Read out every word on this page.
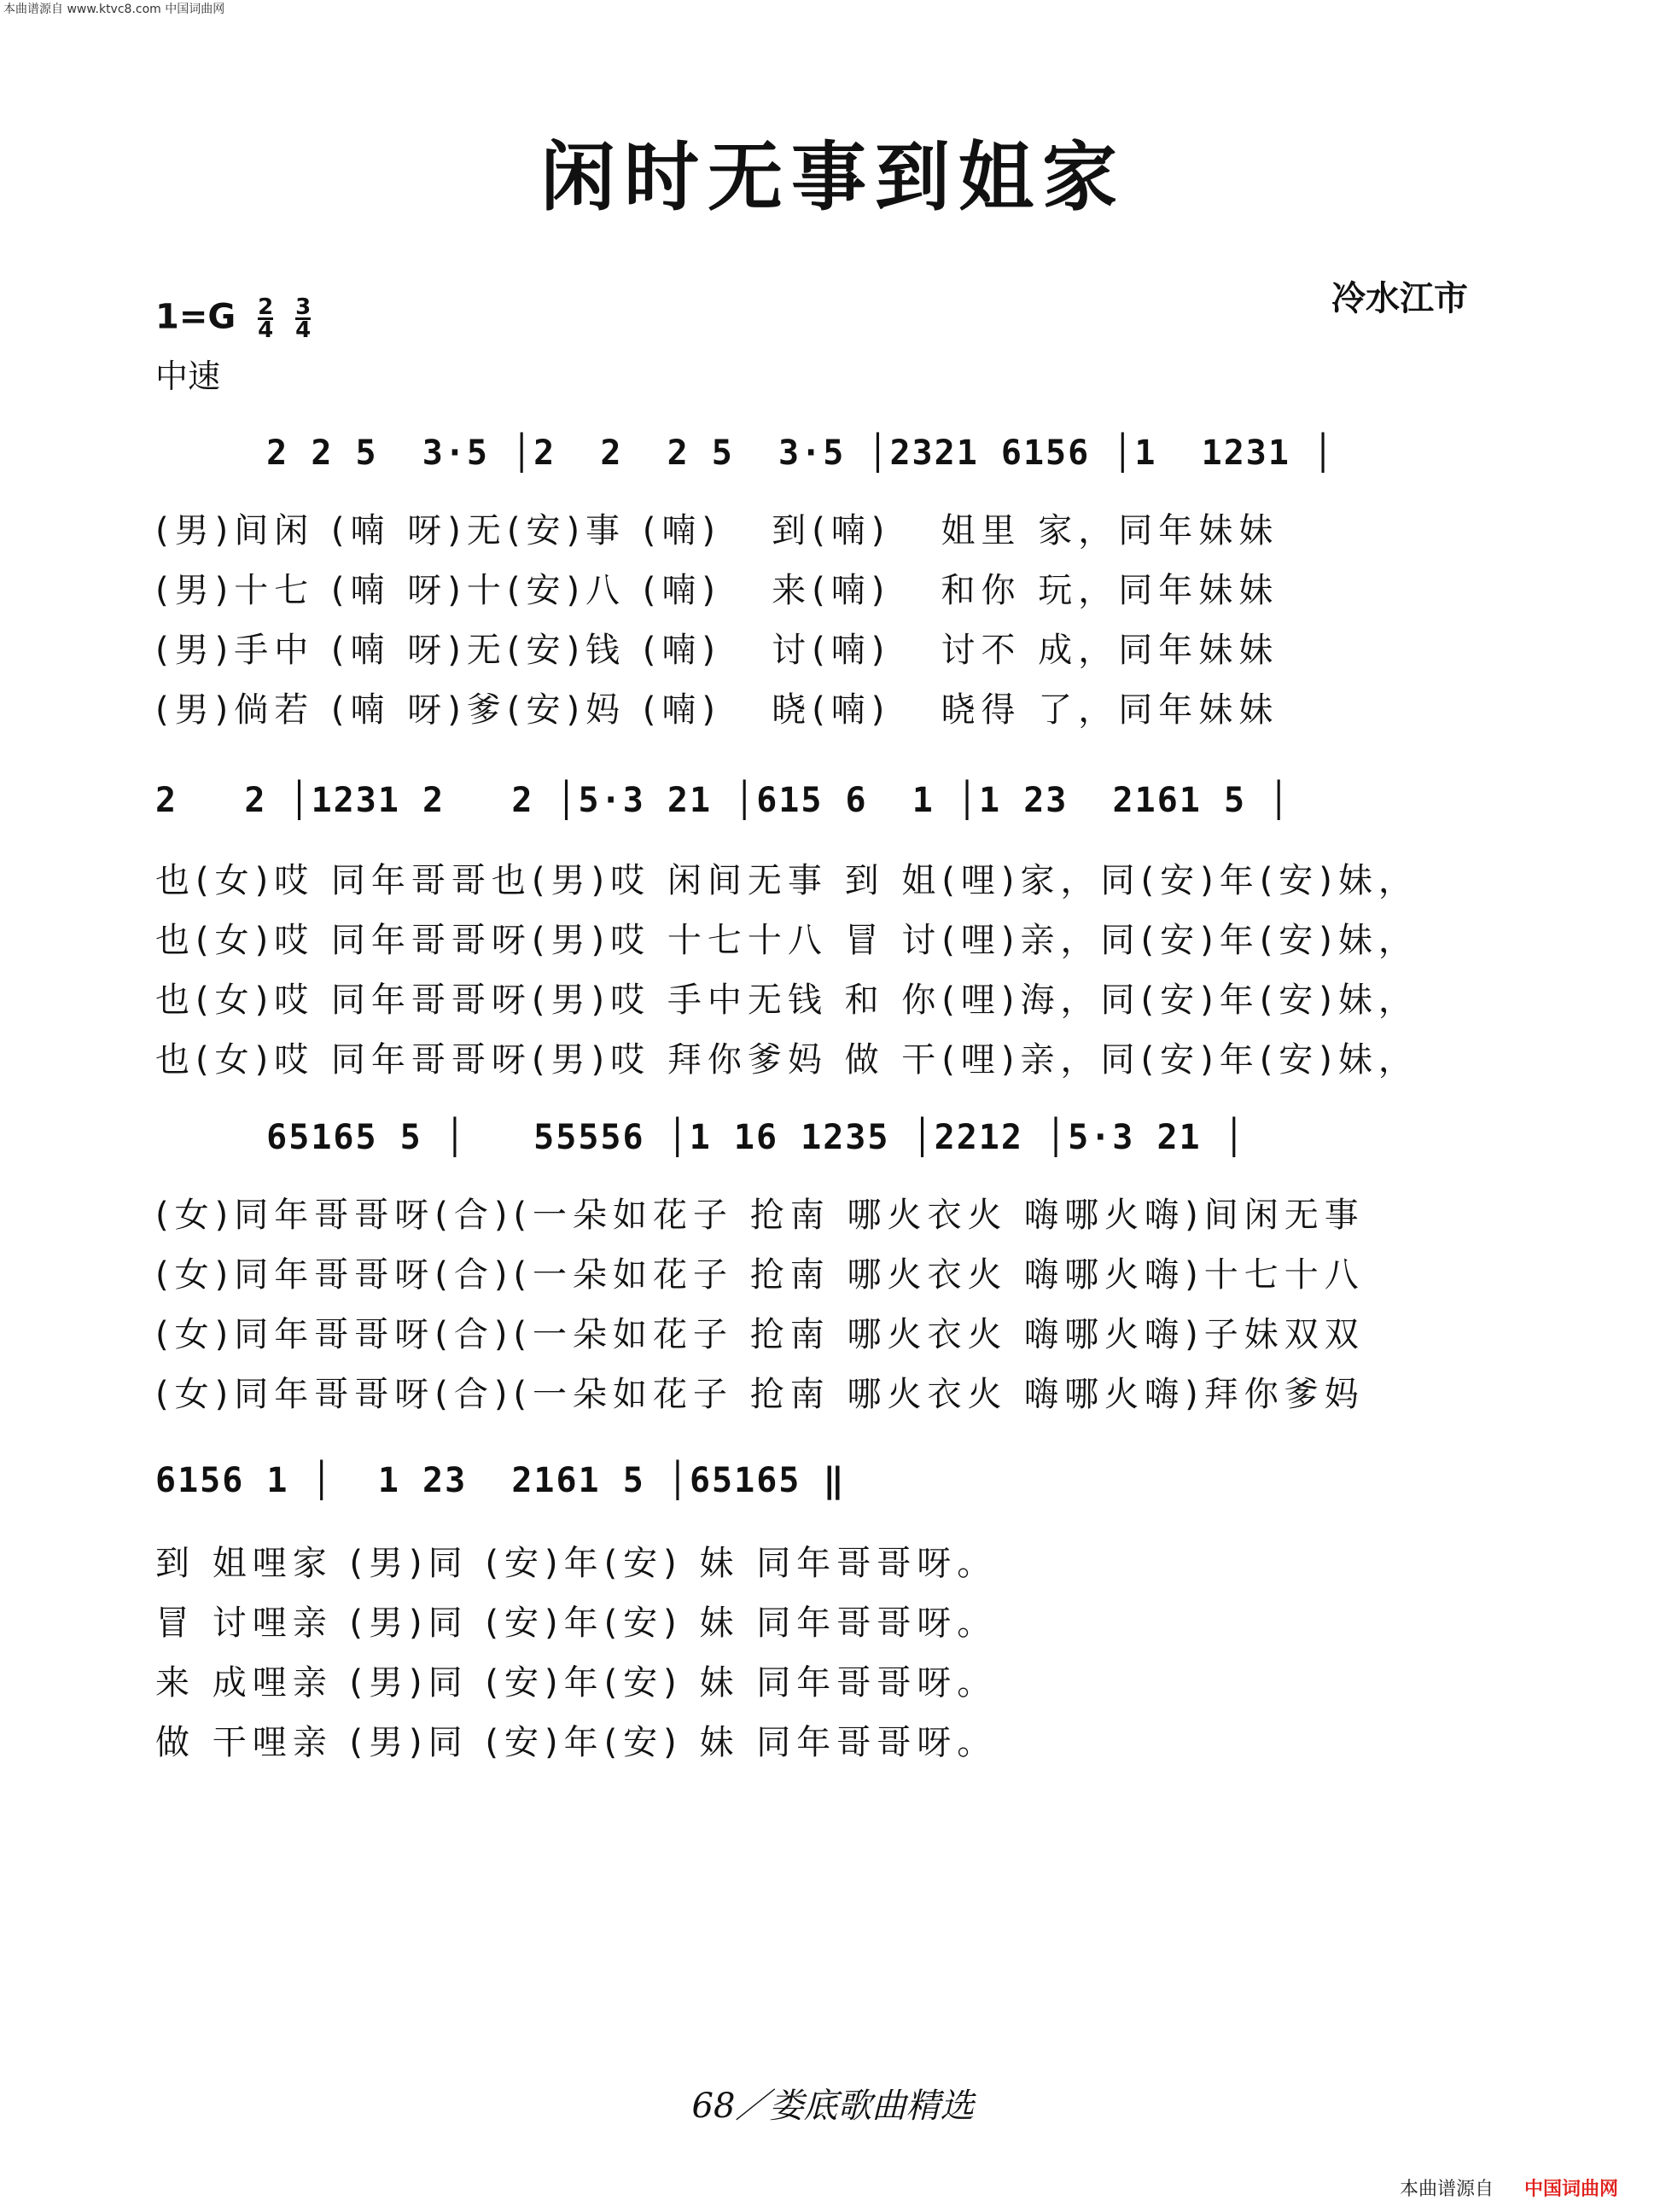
本曲谱源自 www.ktvc8.com 中国词曲网
闲时无事到姐家
冷水江市
$1=G \frac{2}{4}$
$\frac{3}{4}$
中速
2 2 5  3·5 │2  2  2 5  3·5 │2321 6156 │1  1231 │
(男)间闲 (喃 呀)无(安)事 (喃)   到(喃)   姐里 家，同年妹妹
(男)十七 (喃 呀)十(安)八 (喃)   来(喃)   和你 玩，同年妹妹
(男)手中 (喃 呀)无(安)钱 (喃)   讨(喃)   讨不 成，同年妹妹
(男)倘若 (喃 呀)爹(安)妈 (喃)   晓(喃)   晓得 了，同年妹妹
2   2 │1231 2   2 │5·3 21 │615 6  1 │1 23  2161 5 │
也(女)哎 同年哥哥也(男)哎 闲间无事 到 姐(哩)家，同(安)年(安)妹，
也(女)哎 同年哥哥呀(男)哎 十七十八 冒 讨(哩)亲，同(安)年(安)妹，
也(女)哎 同年哥哥呀(男)哎 手中无钱 和 你(哩)海，同(安)年(安)妹，
也(女)哎 同年哥哥呀(男)哎 拜你爹妈 做 干(哩)亲，同(安)年(安)妹，
65165 5 │   55556 │1 16 1235 │2212 │5·3 21 │
(女)同年哥哥呀(合)(一朵如花子 抢南 哪火衣火 嗨哪火嗨)间闲无事
(女)同年哥哥呀(合)(一朵如花子 抢南 哪火衣火 嗨哪火嗨)十七十八
(女)同年哥哥呀(合)(一朵如花子 抢南 哪火衣火 嗨哪火嗨)子妹双双
(女)同年哥哥呀(合)(一朵如花子 抢南 哪火衣火 嗨哪火嗨)拜你爹妈
6156 1 │  1 23  2161 5 │65165 ‖
到 姐哩家 (男)同 (安)年(安) 妹 同年哥哥呀。
冒 讨哩亲 (男)同 (安)年(安) 妹 同年哥哥呀。
来 成哩亲 (男)同 (安)年(安) 妹 同年哥哥呀。
做 干哩亲 (男)同 (安)年(安) 妹 同年哥哥呀。
68／娄底歌曲精选
本曲谱源自 中国词曲网
